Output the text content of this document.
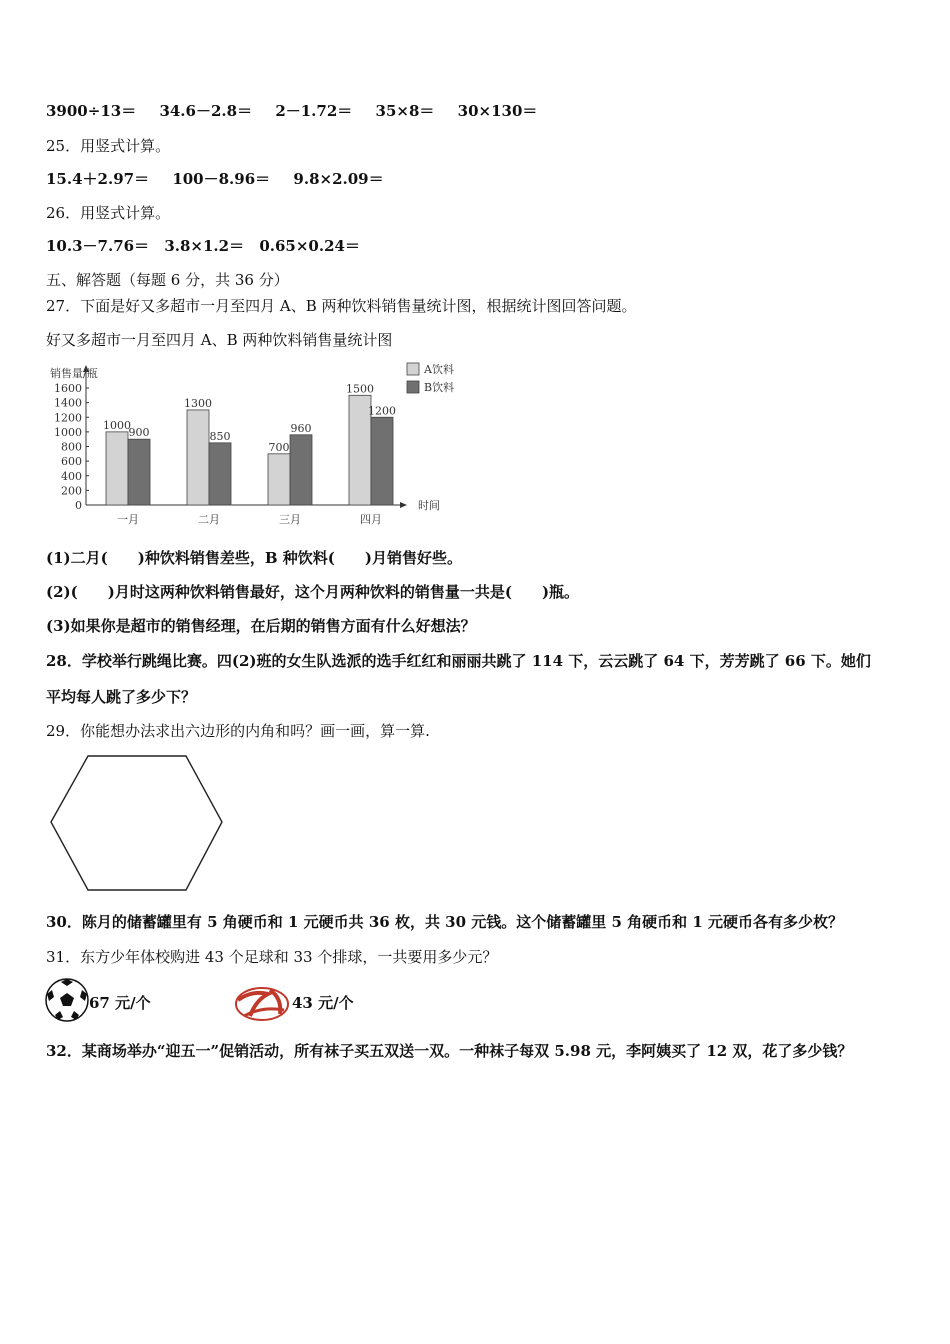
3900÷13＝ 34.6－2.8＝ 2－1.72＝ 35×8＝ 30×130＝
25．用竖式计算。
15.4＋2.97＝ 100－8.96＝ 9.8×2.09＝
26．用竖式计算。
10.3－7.76＝ 3.8×1.2＝ 0.65×0.24＝
五、解答题（每题 6 分，共 36 分）
27．下面是好又多超市一月至四月 A、B 两种饮料销售量统计图，根据统计图回答问题。
好又多超市一月至四月 A、B 两种饮料销售量统计图
销售量/瓶
时间
0
200
400
600
800
1000
1200
1400
1600
1000
900
一月
1300
850
二月
700
960
三月
1500
1200
四月
A饮料
B饮料
(1)二月( )种饮料销售差些，B 种饮料( )月销售好些。
(2)( )月时这两种饮料销售最好，这个月两种饮料的销售量一共是( )瓶。
(3)如果你是超市的销售经理，在后期的销售方面有什么好想法？
28．学校举行跳绳比赛。四(2)班的女生队选派的选手红红和丽丽共跳了 114 下，云云跳了 64 下，芳芳跳了 66 下。她们
平均每人跳了多少下？
29．你能想办法求出六边形的内角和吗？画一画，算一算.
30．陈月的储蓄罐里有 5 角硬币和 1 元硬币共 36 枚，共 30 元钱。这个储蓄罐里 5 角硬币和 1 元硬币各有多少枚？
31．东方少年体校购进 43 个足球和 33 个排球，一共要用多少元？
67 元/个	43 元/个
32．某商场举办“迎五一”促销活动，所有袜子买五双送一双。一种袜子每双 5.98 元，李阿姨买了 12 双，花了多少钱？
